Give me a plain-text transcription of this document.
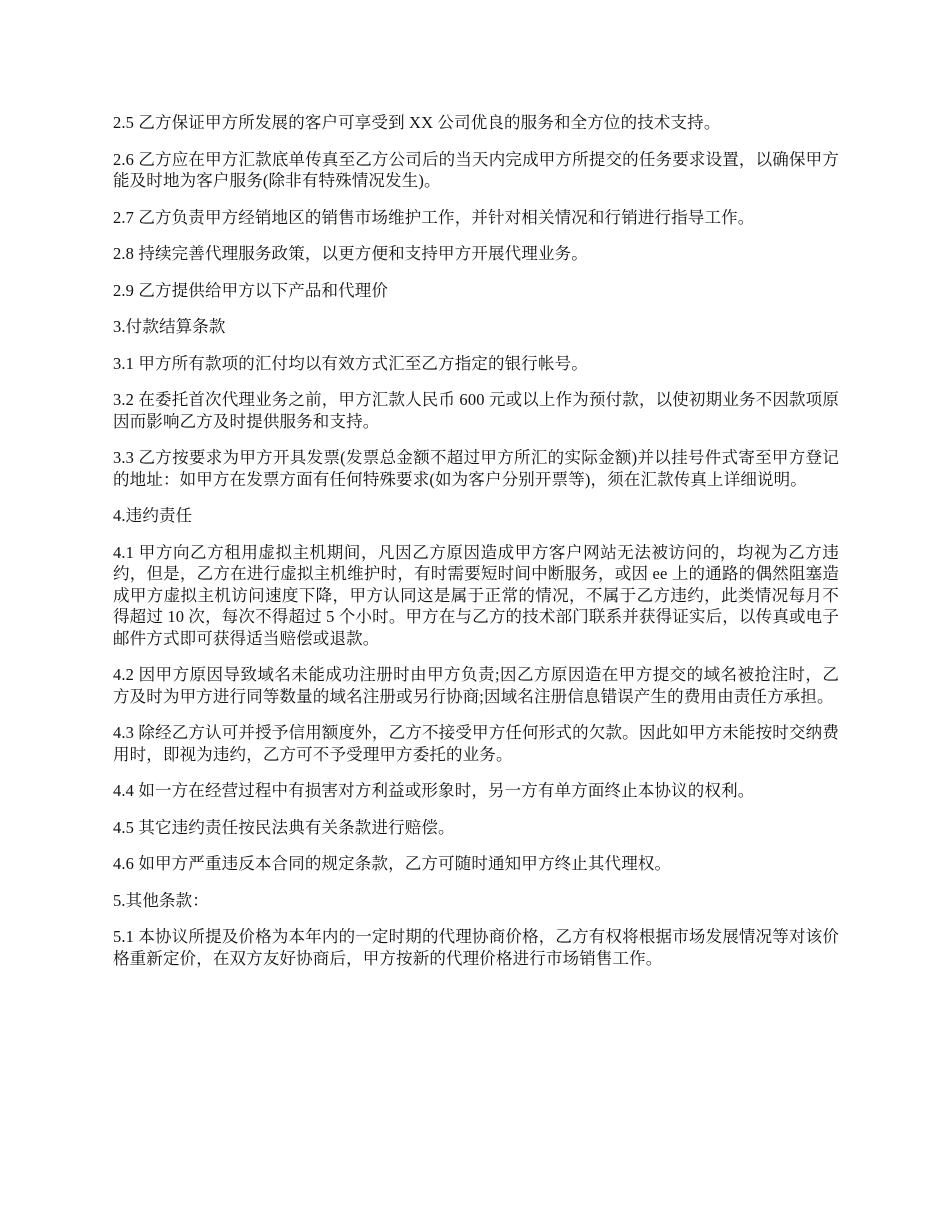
2.5 乙方保证甲方所发展的客户可享受到 XX 公司优良的服务和全方位的技术支持。

2.6 乙方应在甲方汇款底单传真至乙方公司后的当天内完成甲方所提交的任务要求设置，以确保甲方能及时地为客户服务(除非有特殊情况发生)。

2.7 乙方负责甲方经销地区的销售市场维护工作，并针对相关情况和行销进行指导工作。

2.8 持续完善代理服务政策，以更方便和支持甲方开展代理业务。

2.9 乙方提供给甲方以下产品和代理价

3.付款结算条款

3.1 甲方所有款项的汇付均以有效方式汇至乙方指定的银行帐号。

3.2 在委托首次代理业务之前，甲方汇款人民币 600 元或以上作为预付款，以使初期业务不因款项原因而影响乙方及时提供服务和支持。

3.3 乙方按要求为甲方开具发票(发票总金额不超过甲方所汇的实际金额)并以挂号件式寄至甲方登记的地址：如甲方在发票方面有任何特殊要求(如为客户分别开票等)，须在汇款传真上详细说明。

4.违约责任

4.1 甲方向乙方租用虚拟主机期间，凡因乙方原因造成甲方客户网站无法被访问的，均视为乙方违约，但是，乙方在进行虚拟主机维护时，有时需要短时间中断服务，或因 ee 上的通路的偶然阻塞造成甲方虚拟主机访问速度下降，甲方认同这是属于正常的情况，不属于乙方违约，此类情况每月不得超过 10 次，每次不得超过 5 个小时。甲方在与乙方的技术部门联系并获得证实后，以传真或电子邮件方式即可获得适当赔偿或退款。

4.2 因甲方原因导致域名未能成功注册时由甲方负责;因乙方原因造在甲方提交的域名被抢注时，乙方及时为甲方进行同等数量的域名注册或另行协商;因域名注册信息错误产生的费用由责任方承担。

4.3 除经乙方认可并授予信用额度外，乙方不接受甲方任何形式的欠款。因此如甲方未能按时交纳费用时，即视为违约，乙方可不予受理甲方委托的业务。

4.4 如一方在经营过程中有损害对方利益或形象时，另一方有单方面终止本协议的权利。

4.5 其它违约责任按民法典有关条款进行赔偿。

4.6 如甲方严重违反本合同的规定条款，乙方可随时通知甲方终止其代理权。

5.其他条款：

5.1 本协议所提及价格为本年内的一定时期的代理协商价格，乙方有权将根据市场发展情况等对该价格重新定价，在双方友好协商后，甲方按新的代理价格进行市场销售工作。
